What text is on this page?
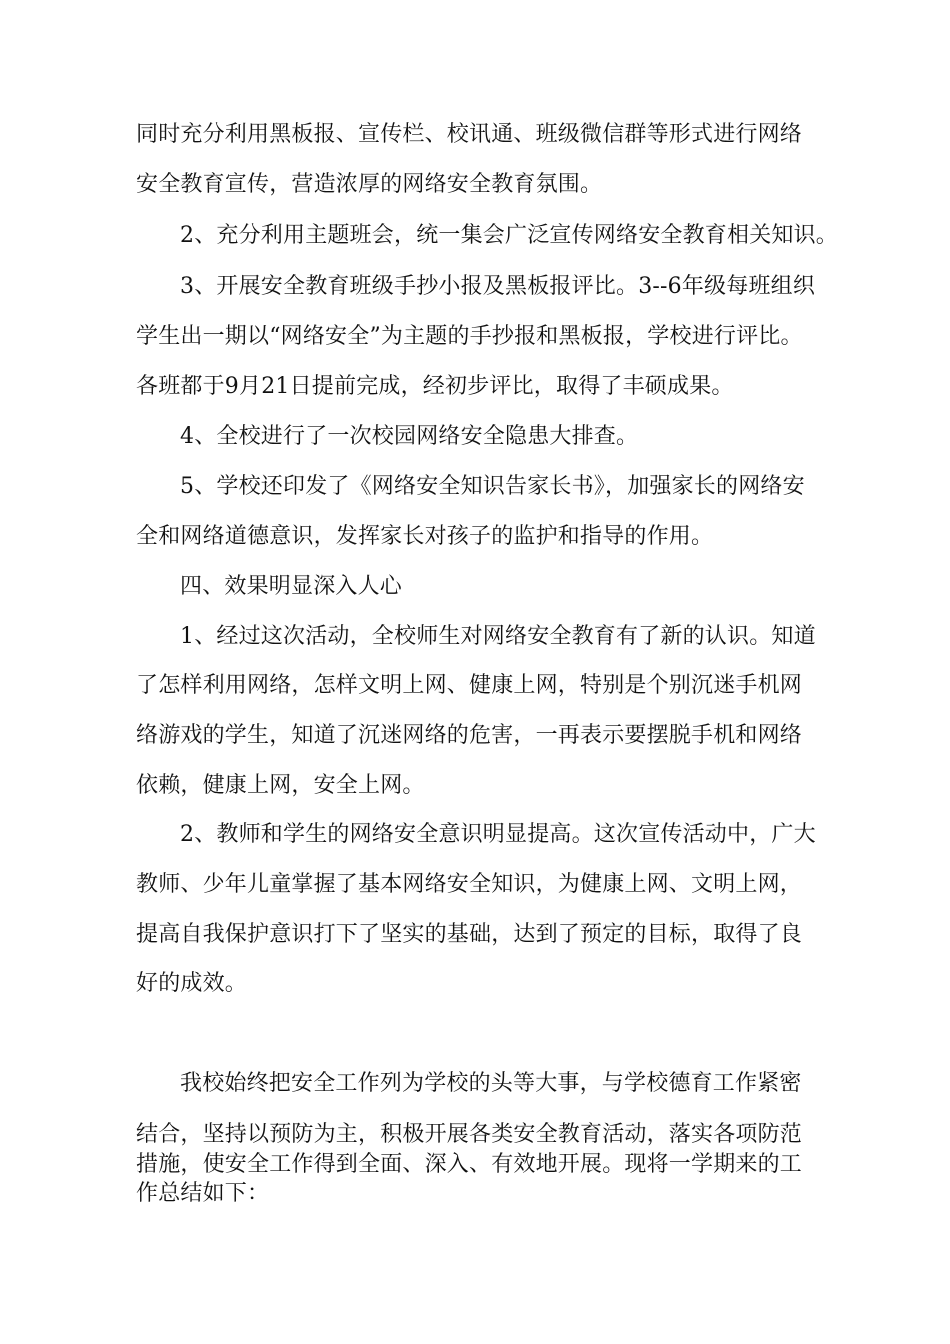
同时充分利用黑板报、宣传栏、校讯通、班级微信群等形式进行网络
安全教育宣传，营造浓厚的网络安全教育氛围。
2、充分利用主题班会，统一集会广泛宣传网络安全教育相关知识。
3、开展安全教育班级手抄小报及黑板报评比。3--6年级每班组织
学生出一期以“网络安全”为主题的手抄报和黑板报，学校进行评比。
各班都于9月21日提前完成，经初步评比，取得了丰硕成果。
4、全校进行了一次校园网络安全隐患大排查。
5、学校还印发了《网络安全知识告家长书》，加强家长的网络安
全和网络道德意识，发挥家长对孩子的监护和指导的作用。
四、效果明显深入人心
1、经过这次活动，全校师生对网络安全教育有了新的认识。知道
了怎样利用网络，怎样文明上网、健康上网，特别是个别沉迷手机网
络游戏的学生，知道了沉迷网络的危害，一再表示要摆脱手机和网络
依赖，健康上网，安全上网。
2、教师和学生的网络安全意识明显提高。这次宣传活动中，广大
教师、少年儿童掌握了基本网络安全知识，为健康上网、文明上网，
提高自我保护意识打下了坚实的基础，达到了预定的目标，取得了良
好的成效。
我校始终把安全工作列为学校的头等大事，与学校德育工作紧密
结合，坚持以预防为主，积极开展各类安全教育活动，落实各项防范
措施，使安全工作得到全面、深入、有效地开展。现将一学期来的工
作总结如下：
